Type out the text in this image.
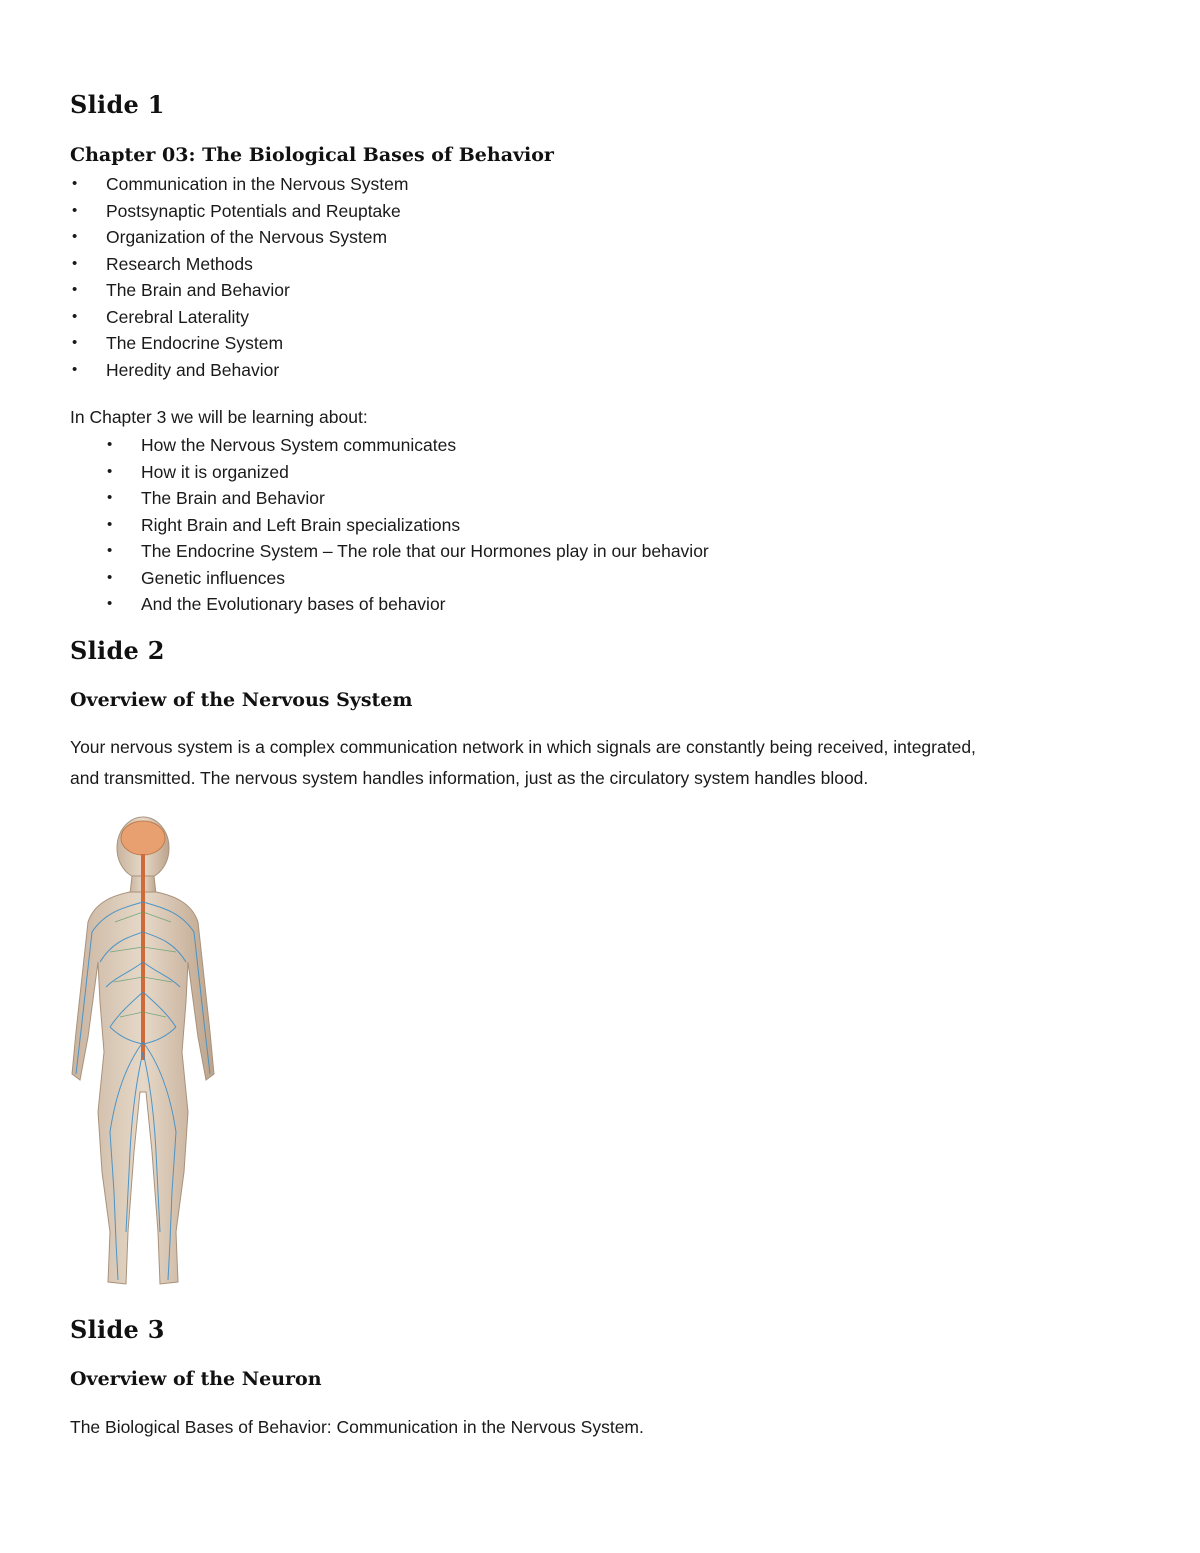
Slide 1
Chapter 03: The Biological Bases of Behavior
• Communication in the Nervous System
• Postsynaptic Potentials and Reuptake
• Organization of the Nervous System
• Research Methods
• The Brain and Behavior
• Cerebral Laterality
• The Endocrine System
• Heredity and Behavior

In Chapter 3 we will be learning about:

• How the Nervous System communicates
• How it is organized
• The Brain and Behavior
• Right Brain and Left Brain specializations
• The Endocrine System – The role that our Hormones play in our behavior
• Genetic influences
• And the Evolutionary bases of behavior
Slide 2
Overview of the Nervous System

Your nervous system is a complex communication network in which signals are constantly being received, integrated,

and transmitted. The nervous system handles information, just as the circulatory system handles blood.

Slide 3
Overview of the Neuron

The Biological Bases of Behavior: Communication in the Nervous System.
